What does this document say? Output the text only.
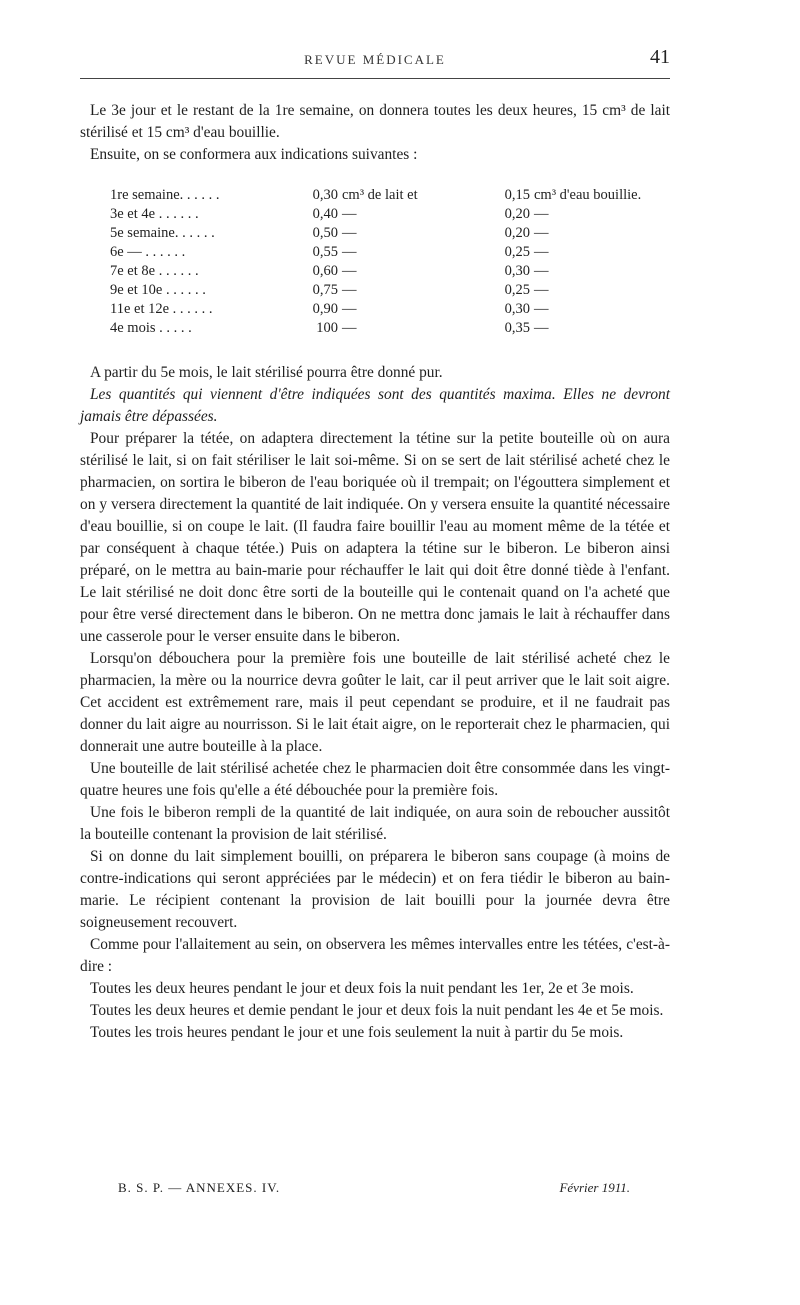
REVUE MÉDICALE	41

Le 3e jour et le restant de la 1re semaine, on donnera toutes les deux heures, 15 cm³ de lait stérilisé et 15 cm³ d'eau bouillie.

Ensuite, on se conformera aux indications suivantes :

1re semaine. . . . . .	0,30	cm³ de lait et	0,15	cm³ d'eau bouillie.
3e et 4e . . . . . .	0,40	—	0,20	—
5e semaine. . . . . .	0,50	—	0,20	—
6e — . . . . . .	0,55	—	0,25	—
7e et 8e . . . . . .	0,60	—	0,30	—
9e et 10e . . . . . .	0,75	—	0,25	—
11e et 12e . . . . . .	0,90	—	0,30	—
4e mois . . . . .	100	—	0,35	—

A partir du 5e mois, le lait stérilisé pourra être donné pur.

Les quantités qui viennent d'être indiquées sont des quantités maxima. Elles ne devront jamais être dépassées.

Pour préparer la tétée, on adaptera directement la tétine sur la petite bouteille où on aura stérilisé le lait, si on fait stériliser le lait soi-même. Si on se sert de lait stérilisé acheté chez le pharmacien, on sortira le biberon de l'eau boriquée où il trempait; on l'égouttera simplement et on y versera directement la quantité de lait indiquée. On y versera ensuite la quantité nécessaire d'eau bouillie, si on coupe le lait. (Il faudra faire bouillir l'eau au moment même de la tétée et par conséquent à chaque tétée.) Puis on adaptera la tétine sur le biberon. Le biberon ainsi préparé, on le mettra au bain-marie pour réchauffer le lait qui doit être donné tiède à l'enfant. Le lait stérilisé ne doit donc être sorti de la bouteille qui le contenait quand on l'a acheté que pour être versé directement dans le biberon. On ne mettra donc jamais le lait à réchauffer dans une casserole pour le verser ensuite dans le biberon.

Lorsqu'on débouchera pour la première fois une bouteille de lait stérilisé acheté chez le pharmacien, la mère ou la nourrice devra goûter le lait, car il peut arriver que le lait soit aigre. Cet accident est extrêmement rare, mais il peut cependant se produire, et il ne faudrait pas donner du lait aigre au nourrisson. Si le lait était aigre, on le reporterait chez le pharmacien, qui donnerait une autre bouteille à la place.

Une bouteille de lait stérilisé achetée chez le pharmacien doit être consommée dans les vingt-quatre heures une fois qu'elle a été débouchée pour la première fois.

Une fois le biberon rempli de la quantité de lait indiquée, on aura soin de reboucher aussitôt la bouteille contenant la provision de lait stérilisé.

Si on donne du lait simplement bouilli, on préparera le biberon sans coupage (à moins de contre-indications qui seront appréciées par le médecin) et on fera tiédir le biberon au bain-marie. Le récipient contenant la provision de lait bouilli pour la journée devra être soigneusement recouvert.

Comme pour l'allaitement au sein, on observera les mêmes intervalles entre les tétées, c'est-à-dire :

Toutes les deux heures pendant le jour et deux fois la nuit pendant les 1er, 2e et 3e mois.

Toutes les deux heures et demie pendant le jour et deux fois la nuit pendant les 4e et 5e mois.

Toutes les trois heures pendant le jour et une fois seulement la nuit à partir du 5e mois.

B. S. P. — ANNEXES. IV.	Février 1911.
